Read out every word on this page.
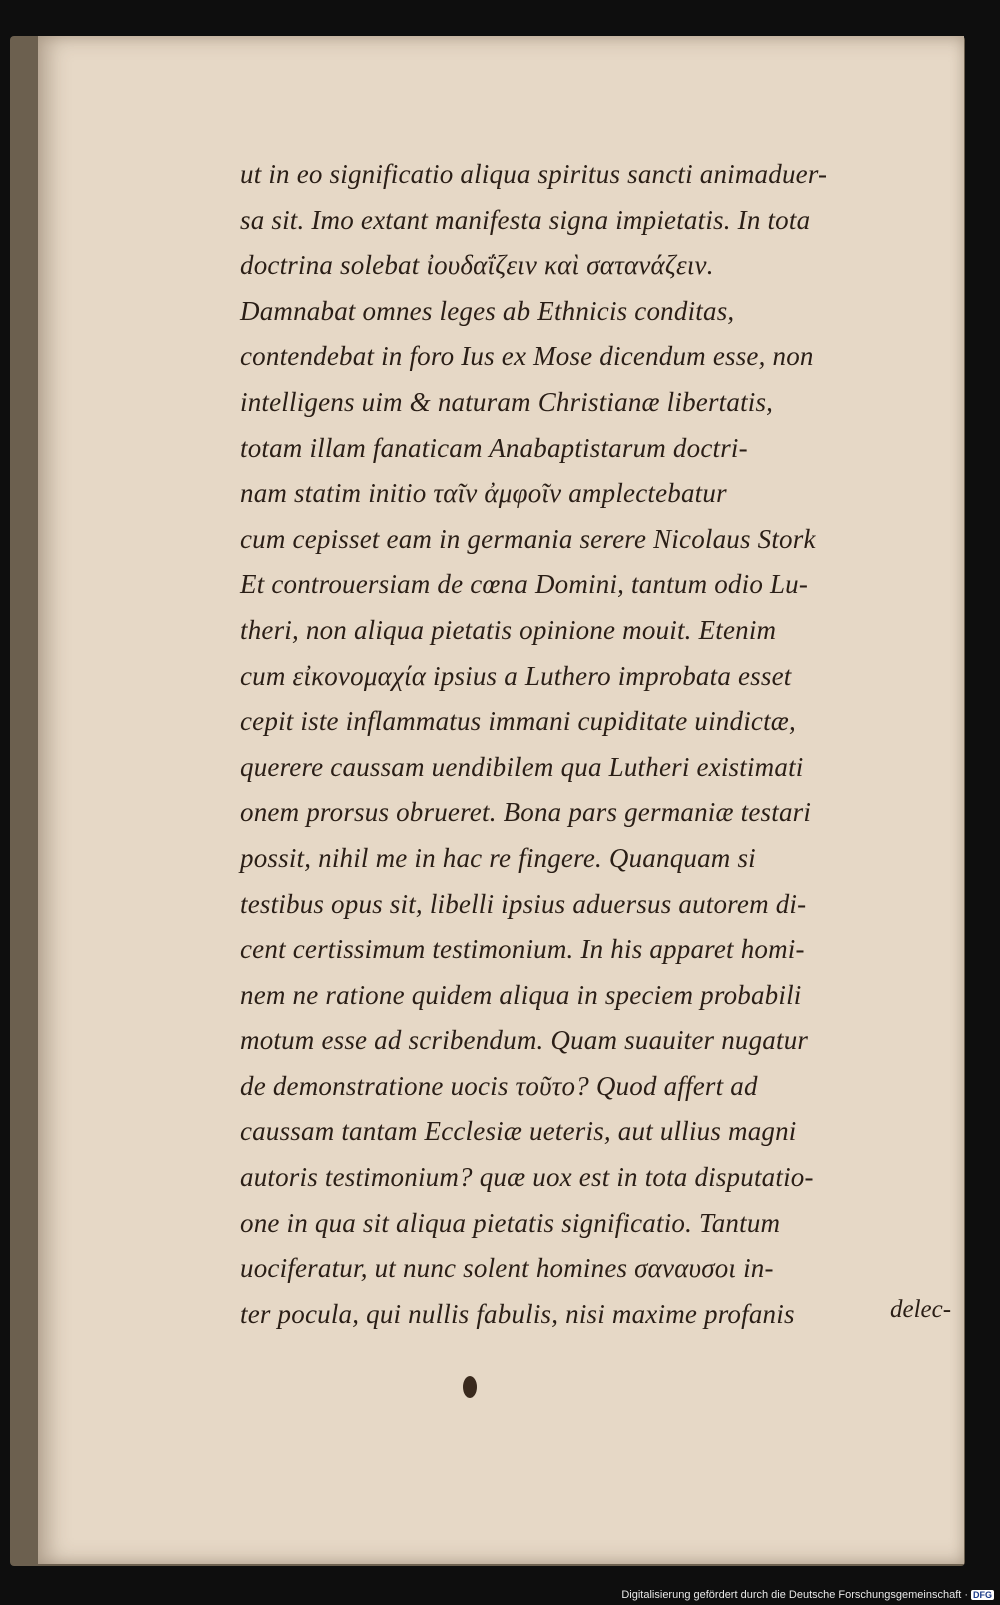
ut in eo significatio aliqua spiritus sancti animaduer-
sa sit. Imo extant manifesta signa impietatis. In tota
doctrina solebat ἰουδαΐζειν καὶ σατανάζειν.
Damnabat omnes leges ab Ethnicis conditas,
contendebat in foro Ius ex Mose dicendum esse, non
intelligens uim & naturam Christianæ libertatis,
totam illam fanaticam Anabaptistarum doctri-
nam statim initio ταῖν ἀμφοῖν amplectebatur
cum cepisset eam in germania serere Nicolaus Stork
Et controuersiam de cœna Domini, tantum odio Lu-
theri, non aliqua pietatis opinione mouit. Etenim
cum εἰκονομαχία ipsius a Luthero improbata esset
cepit iste inflammatus immani cupiditate uindictæ,
querere caussam uendibilem qua Lutheri existimati
onem prorsus obrueret. Bona pars germaniæ testari
possit, nihil me in hac re fingere. Quanquam si
testibus opus sit, libelli ipsius aduersus autorem di-
cent certissimum testimonium. In his apparet homi-
nem ne ratione quidem aliqua in speciem probabili
motum esse ad scribendum. Quam suauiter nugatur
de demonstratione uocis τοῦτο? Quod affert ad
caussam tantam Ecclesiæ ueteris, aut ullius magni
autoris testimonium? quæ uox est in tota disputatio-
one in qua sit aliqua pietatis significatio. Tantum
uociferatur, ut nunc solent homines σαναυσοι in-
ter pocula, qui nullis fabulis, nisi maxime profanis	delec-
Digitalisierung gefördert durch die Deutsche Forschungsgemeinschaft · DFG
